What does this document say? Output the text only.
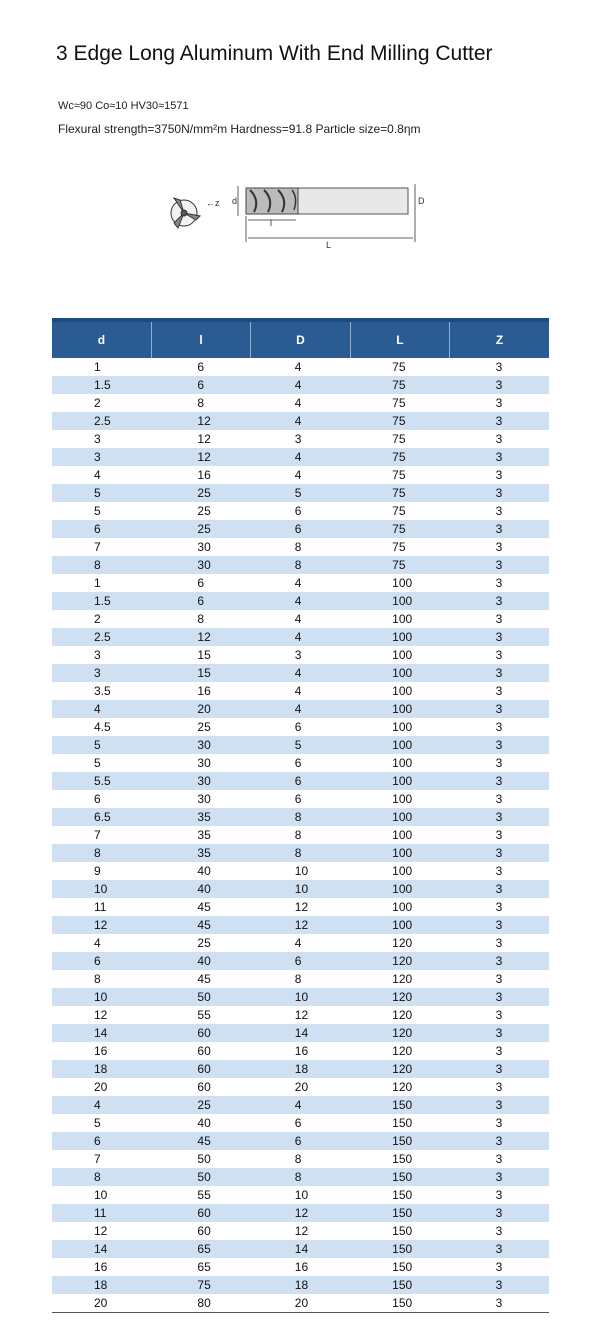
3 Edge Long Aluminum With End Milling Cutter
Wc≈90 Co≈10 HV30≈1571
Flexural strength=3750N/mm²m Hardness=91.8 Particle size=0.8ηm
←z d	D
l
L
d	l	D	L	Z
1	6	4	75	3
1.5	6	4	75	3
2	8	4	75	3
2.5	12	4	75	3
3	12	3	75	3
3	12	4	75	3
4	16	4	75	3
5	25	5	75	3
5	25	6	75	3
6	25	6	75	3
7	30	8	75	3
8	30	8	75	3
1	6	4	100	3
1.5	6	4	100	3
2	8	4	100	3
2.5	12	4	100	3
3	15	3	100	3
3	15	4	100	3
3.5	16	4	100	3
4	20	4	100	3
4.5	25	6	100	3
5	30	5	100	3
5	30	6	100	3
5.5	30	6	100	3
6	30	6	100	3
6.5	35	8	100	3
7	35	8	100	3
8	35	8	100	3
9	40	10	100	3
10	40	10	100	3
11	45	12	100	3
12	45	12	100	3
4	25	4	120	3
6	40	6	120	3
8	45	8	120	3
10	50	10	120	3
12	55	12	120	3
14	60	14	120	3
16	60	16	120	3
18	60	18	120	3
20	60	20	120	3
4	25	4	150	3
5	40	6	150	3
6	45	6	150	3
7	50	8	150	3
8	50	8	150	3
10	55	10	150	3
11	60	12	150	3
12	60	12	150	3
14	65	14	150	3
16	65	16	150	3
18	75	18	150	3
20	80	20	150	3
